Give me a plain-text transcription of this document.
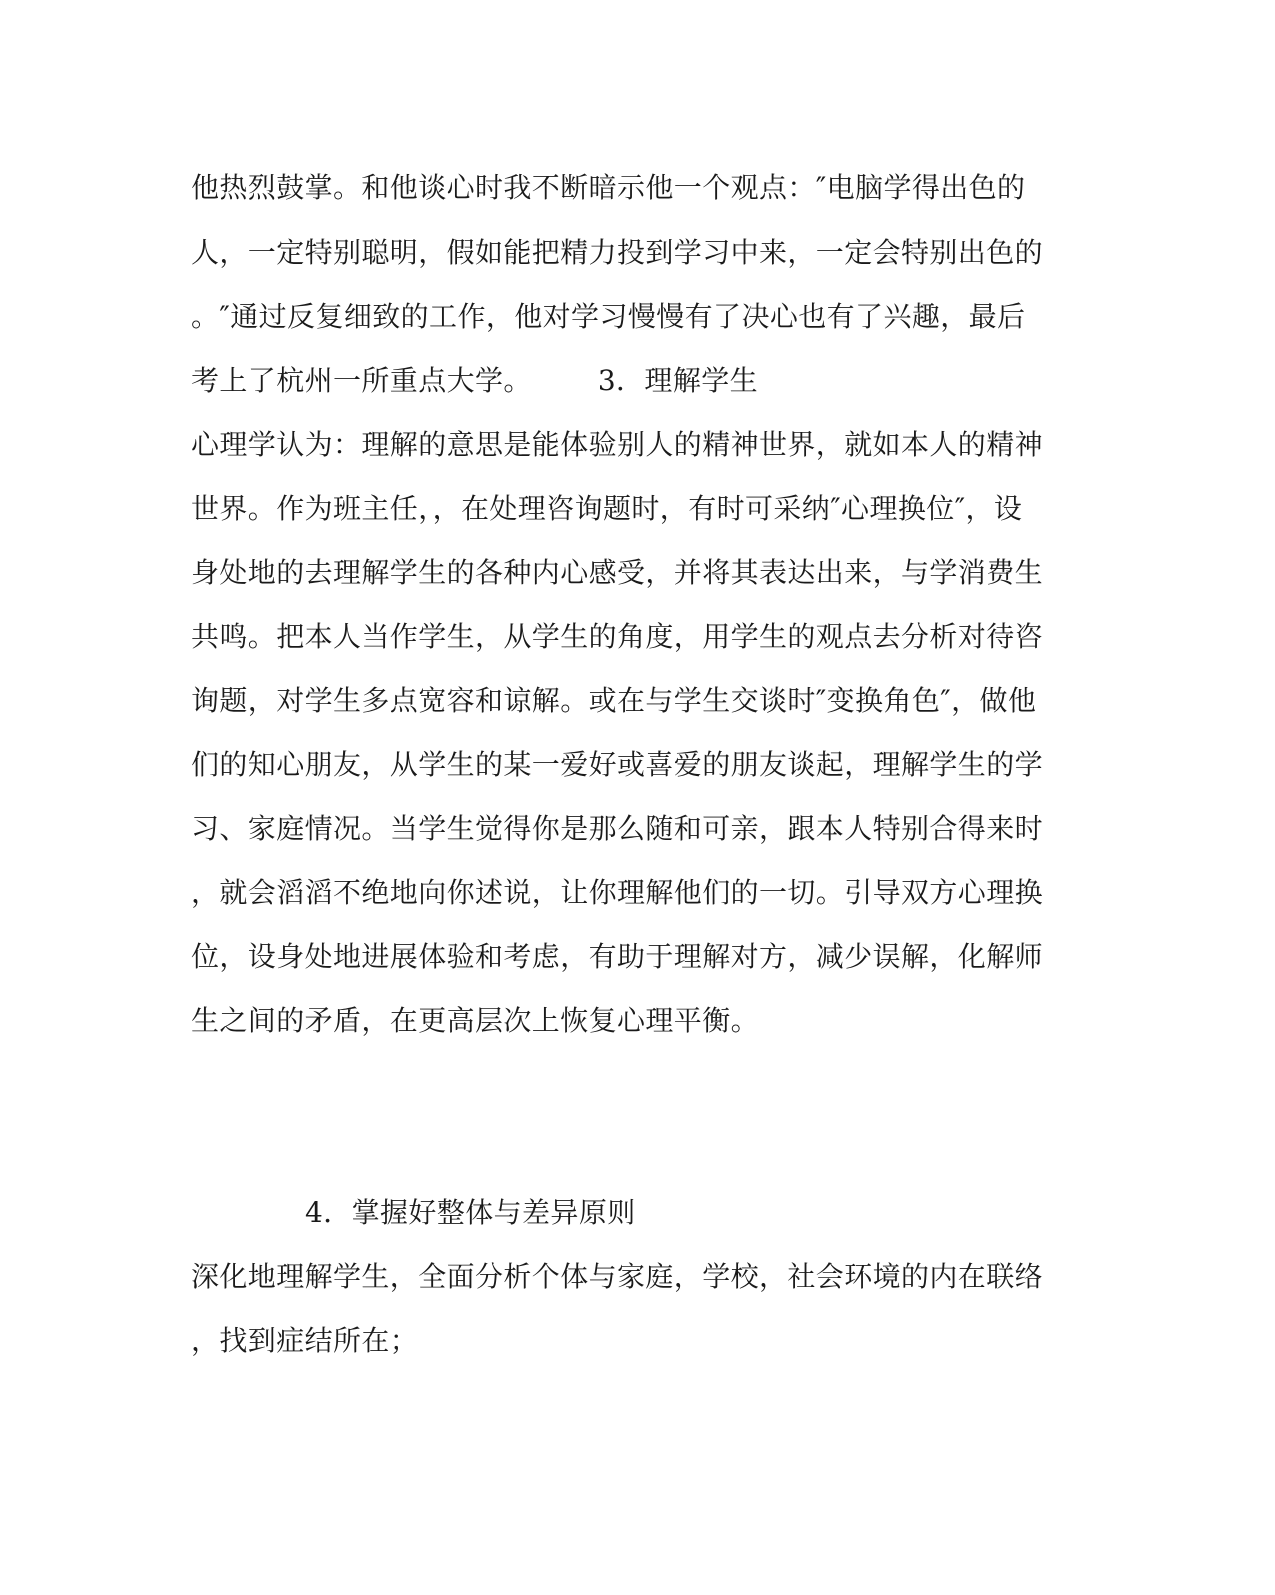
他热烈鼓掌。和他谈心时我不断暗示他一个观点：″电脑学得出色的
人，一定特别聪明，假如能把精力投到学习中来，一定会特别出色的
。″通过反复细致的工作，他对学习慢慢有了决心也有了兴趣，最后
考上了杭州一所重点大学。 3．理解学生
心理学认为：理解的意思是能体验别人的精神世界，就如本人的精神
世界。作为班主任，，在处理咨询题时，有时可采纳″心理换位″，设
身处地的去理解学生的各种内心感受，并将其表达出来，与学消费生
共鸣。把本人当作学生，从学生的角度，用学生的观点去分析对待咨
询题，对学生多点宽容和谅解。或在与学生交谈时″变换角色″，做他
们的知心朋友，从学生的某一爱好或喜爱的朋友谈起，理解学生的学
习、家庭情况。当学生觉得你是那么随和可亲，跟本人特别合得来时
，就会滔滔不绝地向你述说，让你理解他们的一切。引导双方心理换
位，设身处地进展体验和考虑，有助于理解对方，减少误解，化解师
生之间的矛盾，在更高层次上恢复心理平衡。
4．掌握好整体与差异原则
深化地理解学生，全面分析个体与家庭，学校，社会环境的内在联络
，找到症结所在；
